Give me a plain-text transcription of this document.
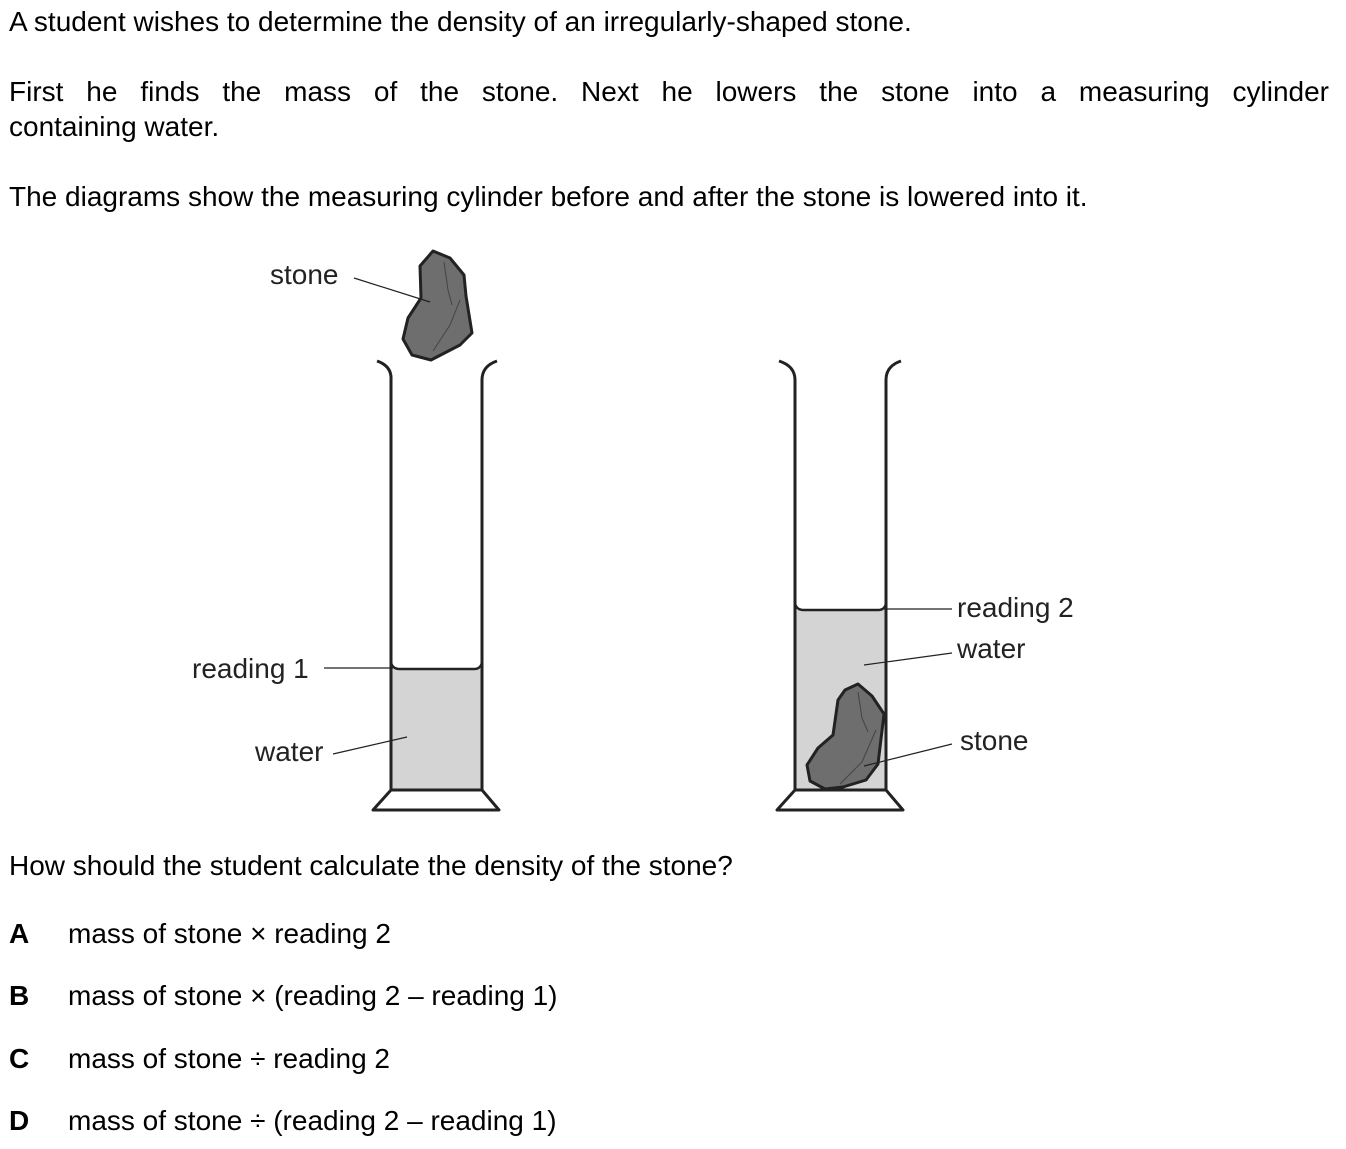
A student wishes to determine the density of an irregularly-shaped stone.

First he finds the mass of the stone. Next he lowers the stone into a measuring cylinder

containing water.

The diagrams show the measuring cylinder before and after the stone is lowered into it.

stone
reading 1
water
reading 2
water
stone

How should the student calculate the density of the stone?

A mass of stone × reading 2
B mass of stone × (reading 2 – reading 1)
C mass of stone ÷ reading 2
D mass of stone ÷ (reading 2 – reading 1)
